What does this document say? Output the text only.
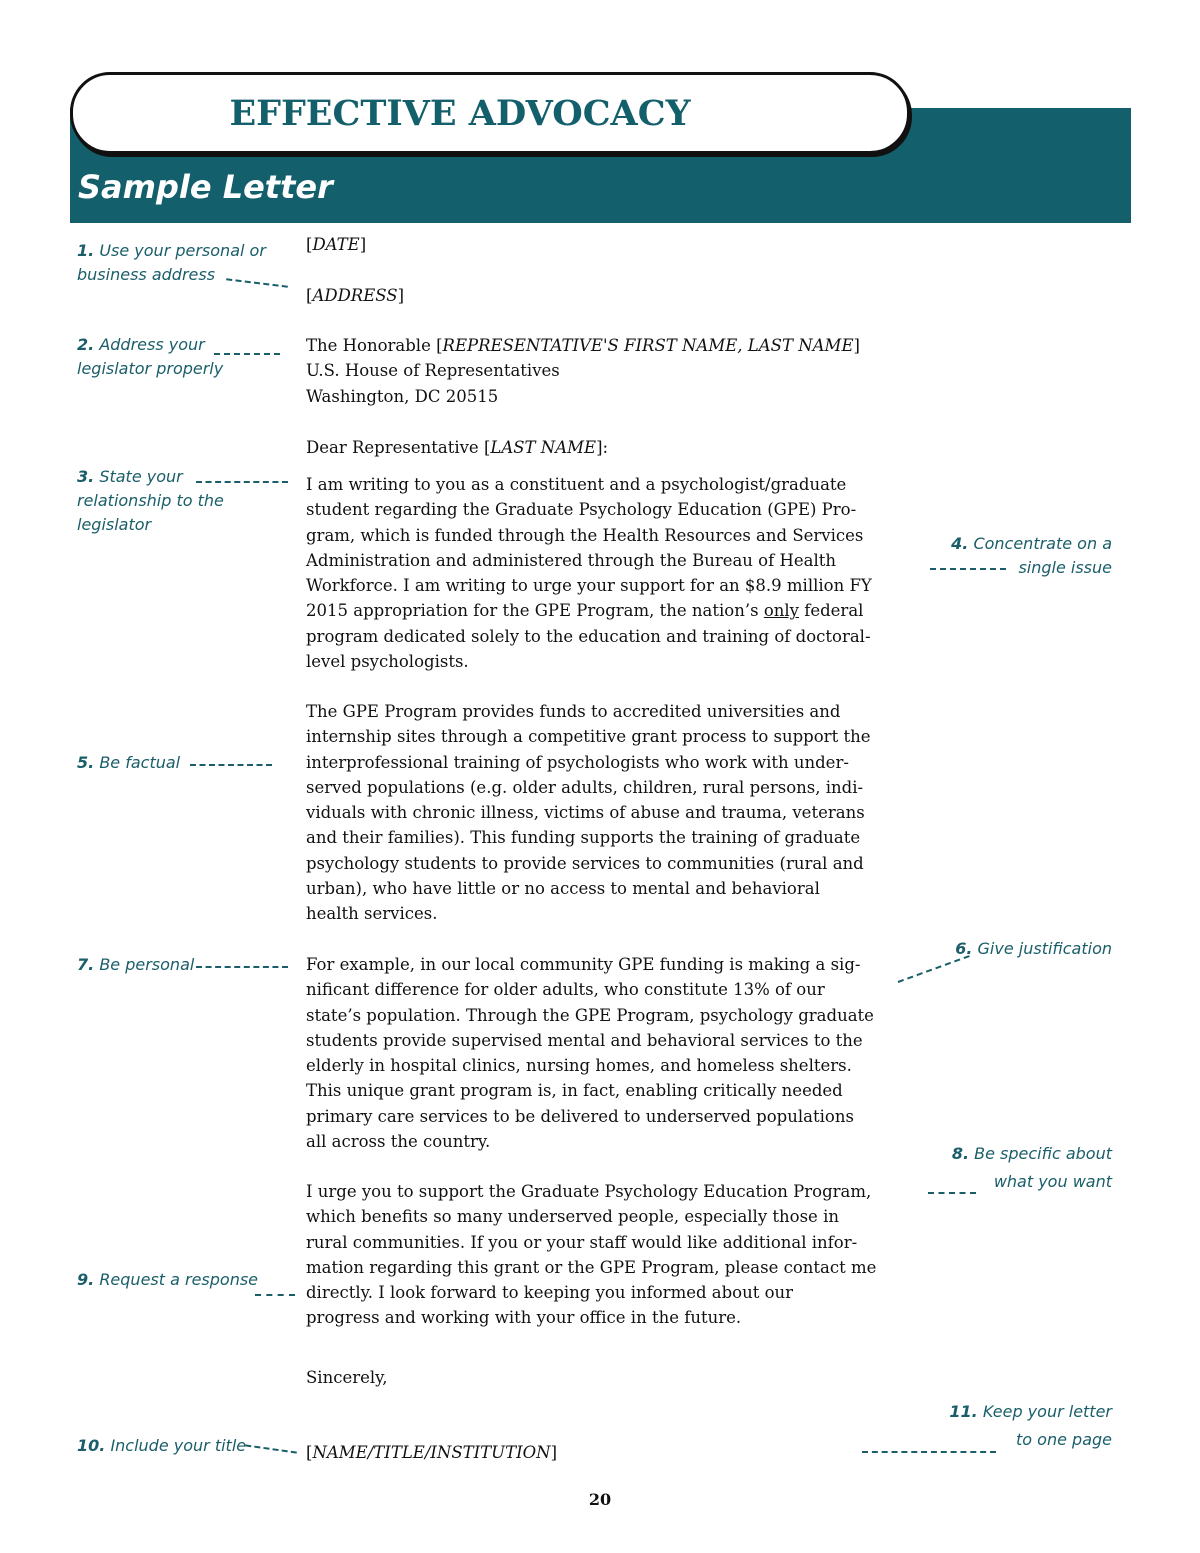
EFFECTIVE ADVOCACY
Sample Letter
1. Use your personal or
business address
2. Address your
legislator properly
3. State your
relationship to the
legislator
5. Be factual
7. Be personal
9. Request a response
10. Include your title
4. Concentrate on a
single issue
6. Give justification
8. Be specific about
what you want
11. Keep your letter
to one page
[DATE]
[ADDRESS]

The Honorable [REPRESENTATIVE'S FIRST NAME, LAST NAME]

U.S. House of Representatives

Washington, DC 20515

Dear Representative [LAST NAME]:

I am writing to you as a constituent and a psychologist/graduate

student regarding the Graduate Psychology Education (GPE) Pro-

gram, which is funded through the Health Resources and Services

Administration and administered through the Bureau of Health

Workforce. I am writing to urge your support for an $8.9 million FY

2015 appropriation for the GPE Program, the nation’s only federal

program dedicated solely to the education and training of doctoral-

level psychologists.

The GPE Program provides funds to accredited universities and

internship sites through a competitive grant process to support the

interprofessional training of psychologists who work with under-

served populations (e.g. older adults, children, rural persons, indi-

viduals with chronic illness, victims of abuse and trauma, veterans

and their families). This funding supports the training of graduate

psychology students to provide services to communities (rural and

urban), who have little or no access to mental and behavioral

health services.

For example, in our local community GPE funding is making a sig-

nificant difference for older adults, who constitute 13% of our

state’s population. Through the GPE Program, psychology graduate

students provide supervised mental and behavioral services to the

elderly in hospital clinics, nursing homes, and homeless shelters.

This unique grant program is, in fact, enabling critically needed

primary care services to be delivered to underserved populations

all across the country.

I urge you to support the Graduate Psychology Education Program,

which benefits so many underserved people, especially those in

rural communities. If you or your staff would like additional infor-

mation regarding this grant or the GPE Program, please contact me

directly. I look forward to keeping you informed about our

progress and working with your office in the future.

Sincerely,
[NAME/TITLE/INSTITUTION]
20
